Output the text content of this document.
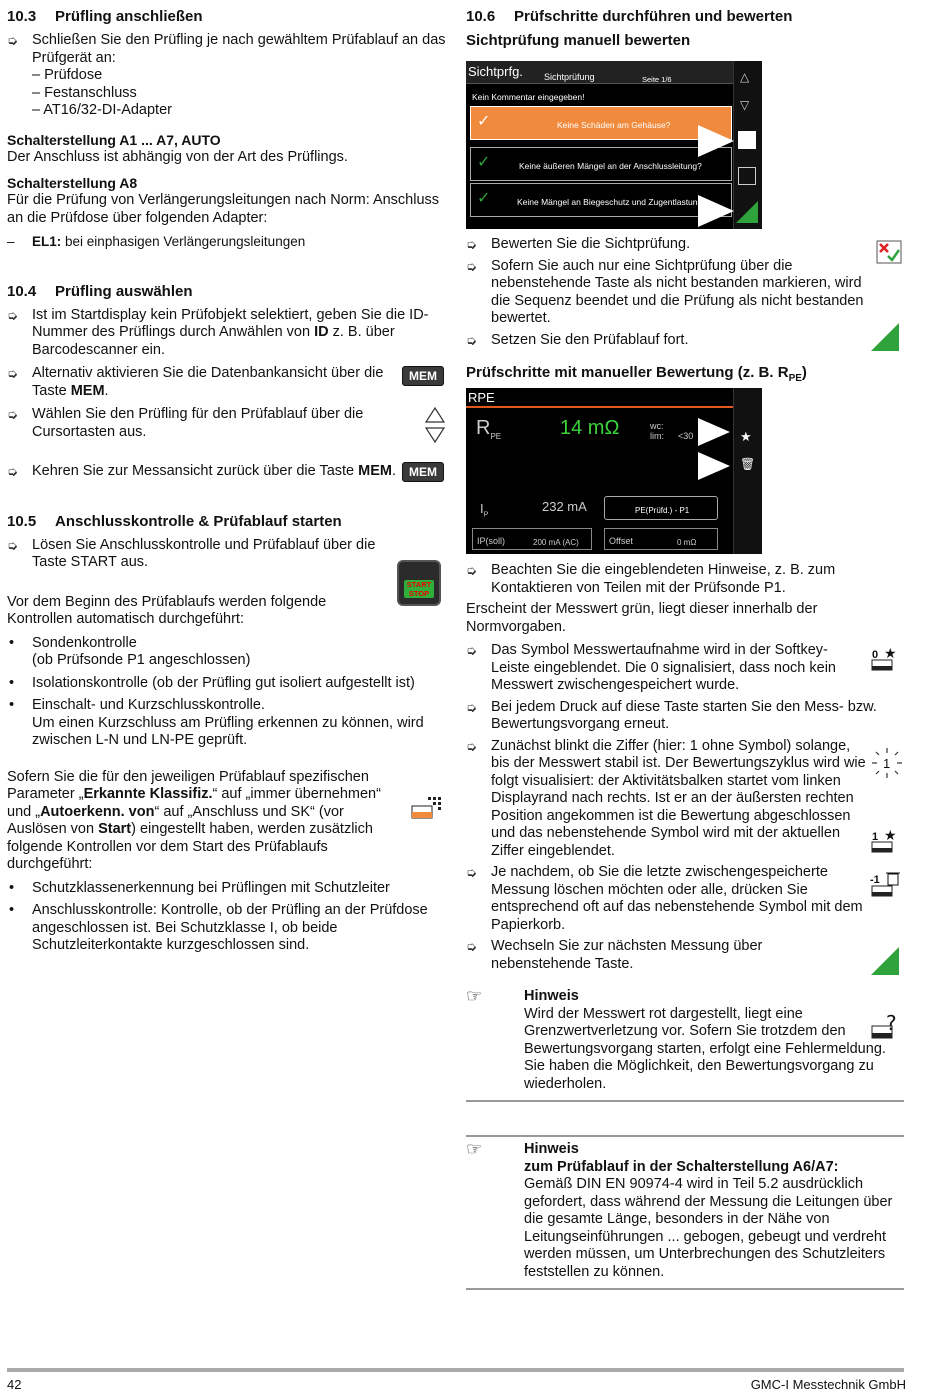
10.3 Prüfling anschließen
➭ Schließen Sie den Prüfling je nach gewähltem Prüfablauf an das Prüfgerät an:
– Prüfdose
– Festanschluss
– AT16/32-DI-Adapter
Schalterstellung A1 ... A7, AUTO
Der Anschluss ist abhängig von der Art des Prüflings.
Schalterstellung A8
Für die Prüfung von Verlängerungsleitungen nach Norm: Anschluss an die Prüfdose über folgenden Adapter:
– EL1: bei einphasigen Verlängerungsleitungen
10.4 Prüfling auswählen
➭ Ist im Startdisplay kein Prüfobjekt selektiert, geben Sie die ID-Nummer des Prüflings durch Anwählen von ID z. B. über Barcodescanner ein.
➭ Alternativ aktivieren Sie die Datenbankansicht über die Taste MEM.
➭ Wählen Sie den Prüfling für den Prüfablauf über die Cursortasten aus.
➭ Kehren Sie zur Messansicht zurück über die Taste MEM.
10.5 Anschlusskontrolle & Prüfablauf starten
➭ Lösen Sie Anschlusskontrolle und Prüfablauf über die Taste START aus.
Vor dem Beginn des Prüfablaufs werden folgende Kontrollen automatisch durchgeführt:
• Sondenkontrolle
(ob Prüfsonde P1 angeschlossen)
• Isolationskontrolle (ob der Prüfling gut isoliert aufgestellt ist)
• Einschalt- und Kurzschlusskontrolle.
Um einen Kurzschluss am Prüfling erkennen zu können, wird zwischen L-N und LN-PE geprüft.
Sofern Sie die für den jeweiligen Prüfablauf spezifischen Parameter „Erkannte Klassifiz.“ auf „immer übernehmen“ und „Autoerkenn. von“ auf „Anschluss und SK“ (vor Auslösen von Start) eingestellt haben, werden zusätzlich folgende Kontrollen vor dem Start des Prüfablaufs durchgeführt:
• Schutzklassenerkennung bei Prüflingen mit Schutzleiter
• Anschlusskontrolle: Kontrolle, ob der Prüfling an der Prüfdose angeschlossen ist. Bei Schutzklasse I, ob beide Schutzleiterkontakte kurzgeschlossen sind.
MEM
MEM
START
STOP
10.6 Prüfschritte durchführen und bewerten
Sichtprüfung manuell bewerten
Sichtprfg. Sichtprüfung	Seite 1/6
Kein Kommentar eingegeben!
✓	Keine Schäden am Gehäuse?
✓	Keine äußeren Mängel an der Anschlussleitung?
✓	Keine Mängel an Biegeschutz und Zugentlastung?
△
▽
➭ Bewerten Sie die Sichtprüfung.
➭ Sofern Sie auch nur eine Sichtprüfung über die nebenstehende Taste als nicht bestanden markieren, wird die Sequenz beendet und die Prüfung als nicht bestanden bewertet.
➭ Setzen Sie den Prüfablauf fort.
Prüfschritte mit manueller Bewertung (z. B. $R_{PE}$)
RPE
$R_{PE}$	14 mΩ	wc:
lim: <30
$I_P$
232 mA	PE(Prüfd.) - P1
IP(soll)	200 mA (AC)	Offset	0 mΩ
★
🗑
➭ Beachten Sie die eingeblendeten Hinweise, z. B. zum Kontaktieren von Teilen mit der Prüfsonde P1.
Erscheint der Messwert grün, liegt dieser innerhalb der Normvorgaben.
➭ Das Symbol Messwertaufnahme wird in der Softkey-Leiste eingeblendet. Die 0 signalisiert, dass noch kein Messwert zwischengespeichert wurde.
➭ Bei jedem Druck auf diese Taste starten Sie den Mess- bzw. Bewertungsvorgang erneut.
➭ Zunächst blinkt die Ziffer (hier: 1 ohne Symbol) solange, bis der Messwert stabil ist. Der Bewertungszyklus wird wie folgt visualisiert: der Aktivitätsbalken startet vom linken Displayrand nach rechts. Ist er an der äußersten rechten Position angekommen ist die Bewertung abgeschlossen und das nebenstehende Symbol wird mit der aktuellen Ziffer eingeblendet.
➭ Je nachdem, ob Sie die letzte zwischengespeicherte Messung löschen möchten oder alle, drücken Sie entsprechend oft auf das nebenstehende Symbol mit dem Papierkorb.
➭ Wechseln Sie zur nächsten Messung über nebenstehende Taste.
0 ★
1
1 ★
-1
☞	Hinweis
Wird der Messwert rot dargestellt, liegt eine Grenzwertverletzung vor. Sofern Sie trotzdem den Bewertungsvorgang starten, erfolgt eine Fehlermeldung. Sie haben die Möglichkeit, den Bewertungsvorgang zu wiederholen.
?
☞	Hinweis
zum Prüfablauf in der Schalterstellung A6/A7:
Gemäß DIN EN 90974-4 wird in Teil 5.2 ausdrücklich gefordert, dass während der Messung die Leitungen über die gesamte Länge, besonders in der Nähe von Leitungseinführungen ... gebogen, gebeugt und verdreht werden müssen, um Unterbrechungen des Schutzleiters feststellen zu können.
42	GMC-I Messtechnik GmbH
